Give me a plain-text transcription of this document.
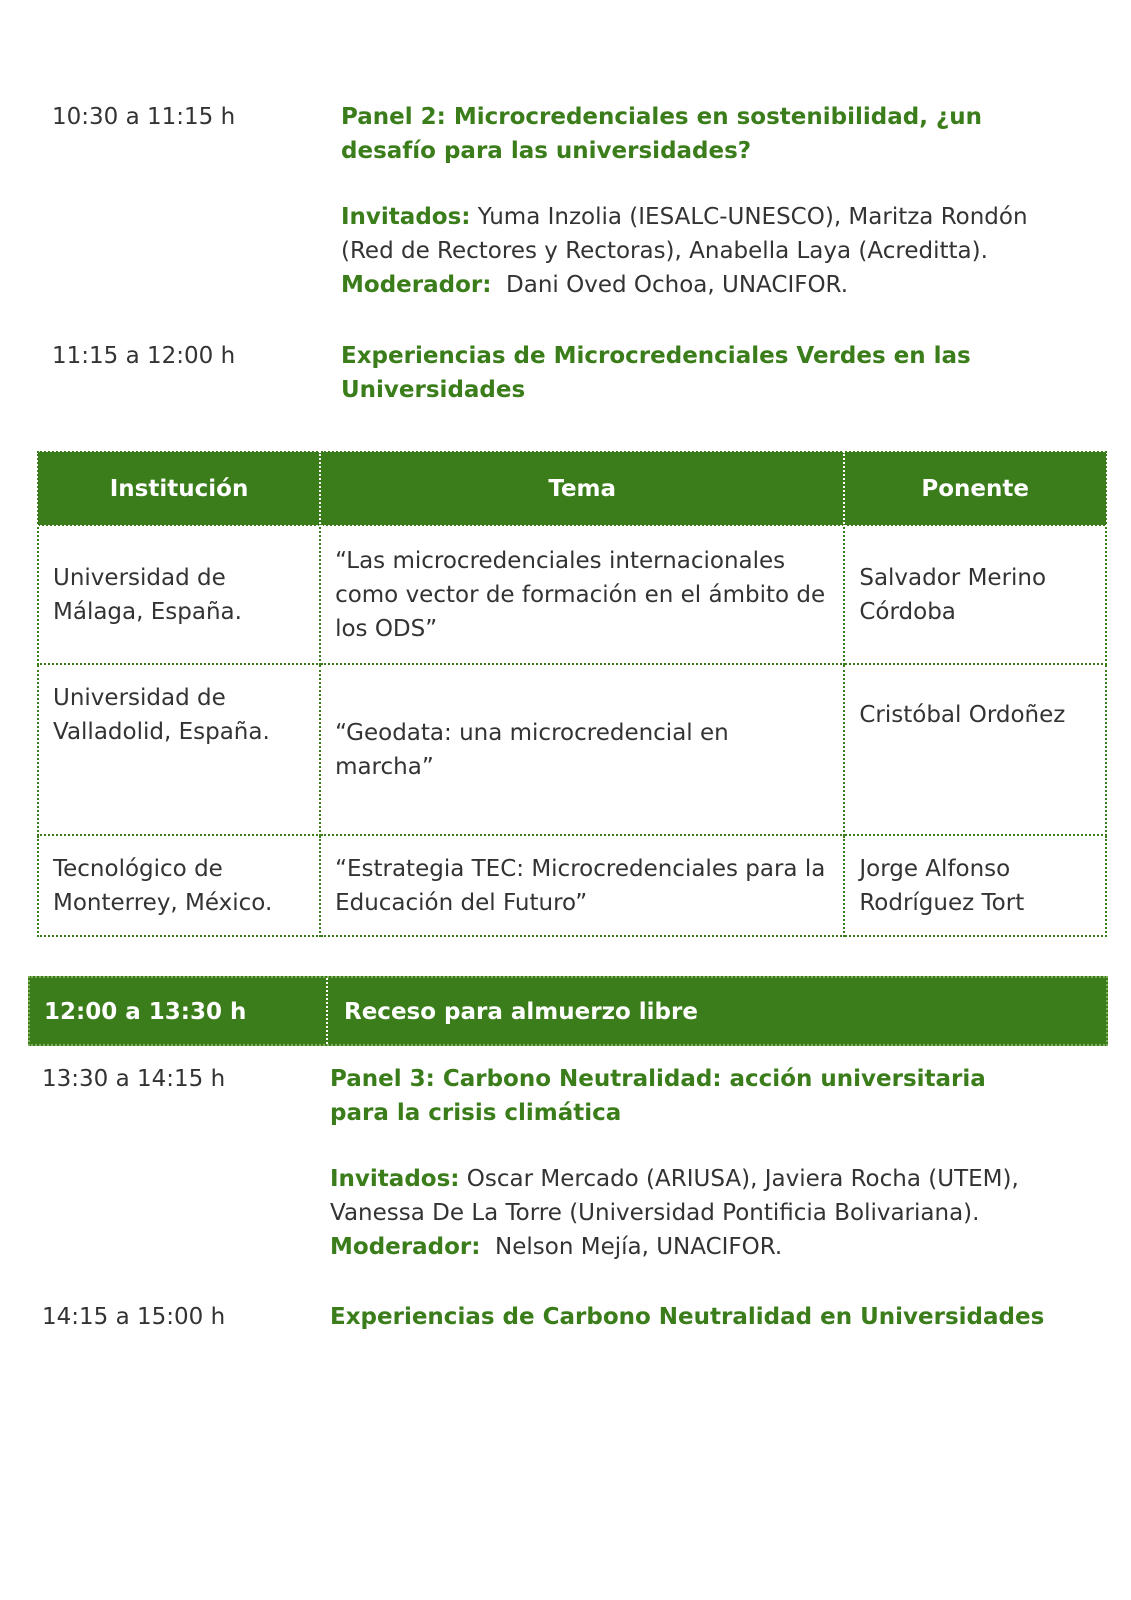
10:30 a 11:15 h	Panel 2: Microcredenciales en sostenibilidad, ¿un desafío para las universidades?
Invitados: Yuma Inzolia (IESALC-UNESCO), Maritza Rondón (Red de Rectores y Rectoras), Anabella Laya (Acreditta).
Moderador:  Dani Oved Ochoa, UNACIFOR.
11:15 a 12:00 h	Experiencias de Microcredenciales Verdes en las Universidades
Institución	Tema	Ponente
Universidad de Málaga, España.	“Las microcredenciales internacionales como vector de formación en el ámbito de los ODS”	Salvador Merino Córdoba
Universidad de Valladolid, España.	“Geodata: una microcredencial en marcha”	Cristóbal Ordoñez
Tecnológico de Monterrey, México.	“Estrategia TEC: Microcredenciales para la Educación del Futuro”	Jorge Alfonso Rodríguez Tort
12:00 a 13:30 h	Receso para almuerzo libre
13:30 a 14:15 h	Panel 3: Carbono Neutralidad: acción universitaria para la crisis climática
Invitados: Oscar Mercado (ARIUSA), Javiera Rocha (UTEM), Vanessa De La Torre (Universidad Pontificia Bolivariana).
Moderador:  Nelson Mejía, UNACIFOR.
14:15 a 15:00 h	Experiencias de Carbono Neutralidad en Universidades
